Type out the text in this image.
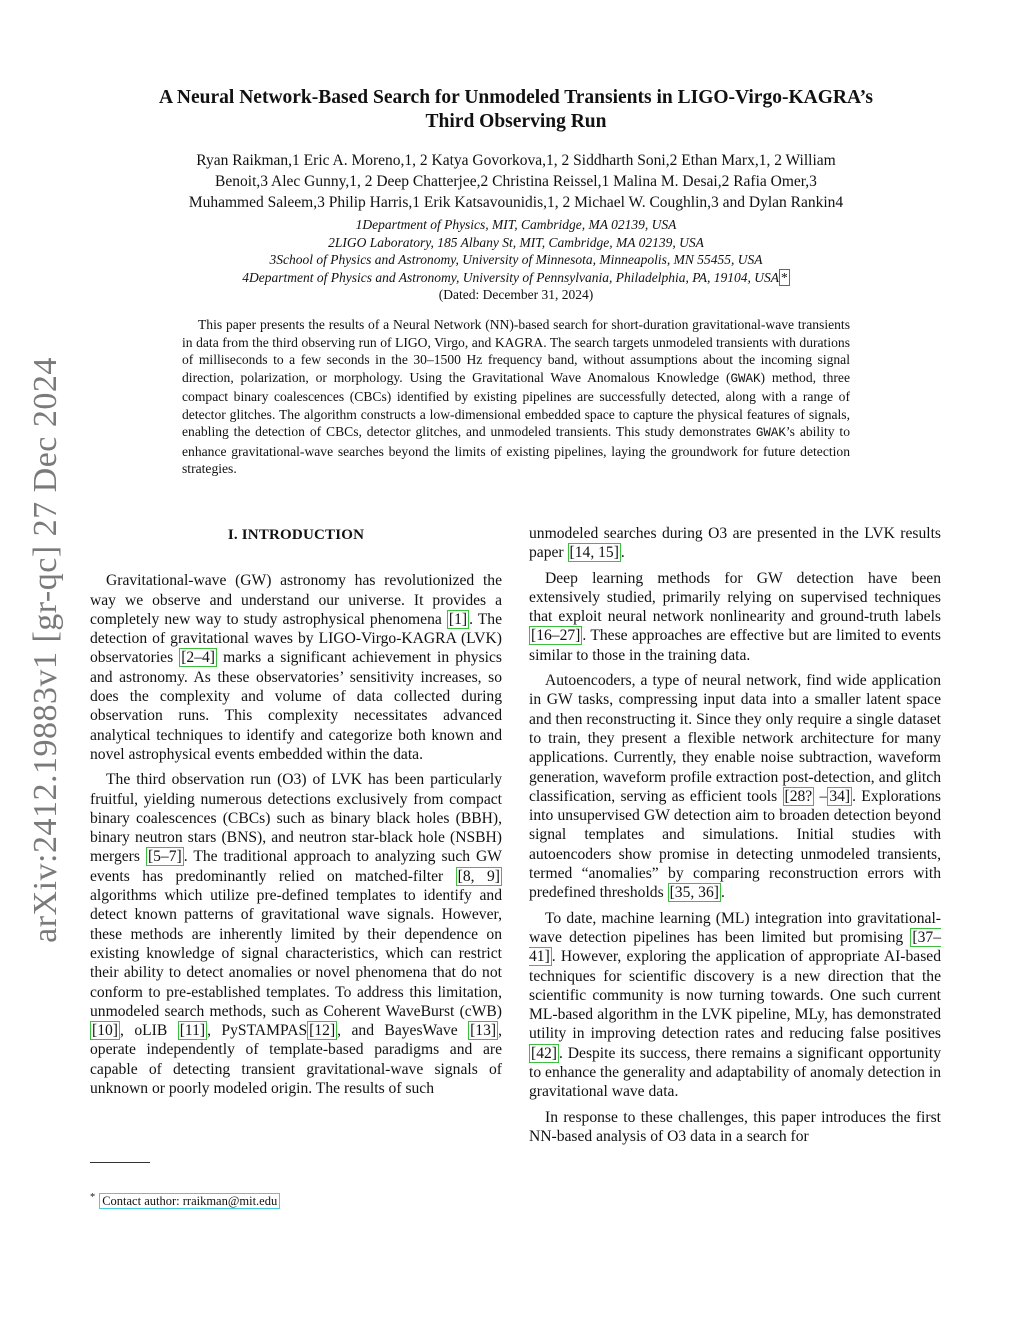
arXiv:2412.19883v1 [gr-qc] 27 Dec 2024
A Neural Network-Based Search for Unmodeled Transients in LIGO-Virgo-KAGRA’s
Third Observing Run
Ryan Raikman,1 Eric A. Moreno,1, 2 Katya Govorkova,1, 2 Siddharth Soni,2 Ethan Marx,1, 2 William
Benoit,3 Alec Gunny,1, 2 Deep Chatterjee,2 Christina Reissel,1 Malina M. Desai,2 Rafia Omer,3
Muhammed Saleem,3 Philip Harris,1 Erik Katsavounidis,1, 2 Michael W. Coughlin,3 and Dylan Rankin4
1Department of Physics, MIT, Cambridge, MA 02139, USA
2LIGO Laboratory, 185 Albany St, MIT, Cambridge, MA 02139, USA
3School of Physics and Astronomy, University of Minnesota, Minneapolis, MN 55455, USA
4Department of Physics and Astronomy, University of Pennsylvania, Philadelphia, PA, 19104, USA *
(Dated: December 31, 2024)
This paper presents the results of a Neural Network (NN)-based search for short-duration gravitational-wave transients in data from the third observing run of LIGO, Virgo, and KAGRA. The search targets unmodeled transients with durations of milliseconds to a few seconds in the 30–1500 Hz frequency band, without assumptions about the incoming signal direction, polarization, or morphology. Using the Gravitational Wave Anomalous Knowledge (GWAK) method, three compact binary coalescences (CBCs) identified by existing pipelines are successfully detected, along with a range of detector glitches. The algorithm constructs a low-dimensional embedded space to capture the physical features of signals, enabling the detection of CBCs, detector glitches, and unmodeled transients. This study demonstrates GWAK’s ability to enhance gravitational-wave searches beyond the limits of existing pipelines, laying the groundwork for future detection strategies.
I. INTRODUCTION

Gravitational-wave (GW) astronomy has revolutionized the way we observe and understand our universe. It provides a completely new way to study astrophysical phenomena [1] . The detection of gravitational waves by LIGO-Virgo-KAGRA (LVK) observatories [2–4] marks a significant achievement in physics and astronomy. As these observatories’ sensitivity increases, so does the complexity and volume of data collected during observation runs. This complexity necessitates advanced analytical techniques to identify and categorize both known and novel astrophysical events embedded within the data.

The third observation run (O3) of LVK has been particularly fruitful, yielding numerous detections exclusively from compact binary coalescences (CBCs) such as binary black holes (BBH), binary neutron stars (BNS), and neutron star-black hole (NSBH) mergers [5–7] . The traditional approach to analyzing such GW events has predominantly relied on matched-filter [8, 9] algorithms which utilize pre-defined templates to identify and detect known patterns of gravitational wave signals. However, these methods are inherently limited by their dependence on existing knowledge of signal characteristics, which can restrict their ability to detect anomalies or novel phenomena that do not conform to pre-established templates. To address this limitation, unmodeled search methods, such as Coherent WaveBurst (cWB)[10] , oLIB [11] , PySTAMPAS [12] , and BayesWave [13] , operate independently of template-based paradigms and are capable of detecting transient gravitational-wave signals of unknown or poorly modeled origin. The results of such

unmodeled searches during O3 are presented in the LVK results paper [14, 15] .

Deep learning methods for GW detection have been extensively studied, primarily relying on supervised techniques that exploit neural network nonlinearity and ground-truth labels [16–27] . These approaches are effective but are limited to events similar to those in the training data.

Autoencoders, a type of neural network, find wide application in GW tasks, compressing input data into a smaller latent space and then reconstructing it. Since they only require a single dataset to train, they present a flexible network architecture for many applications. Currently, they enable noise subtraction, waveform generation, waveform profile extraction post-detection, and glitch classification, serving as efficient tools [28? – 34] . Explorations into unsupervised GW detection aim to broaden detection beyond signal templates and simulations. Initial studies with autoencoders show promise in detecting unmodeled transients, termed “anomalies” by comparing reconstruction errors with predefined thresholds [35, 36] .

To date, machine learning (ML) integration into gravitational-wave detection pipelines has been limited but promising [37–41] . However, exploring the application of appropriate AI-based techniques for scientific discovery is a new direction that the scientific community is now turning towards. One such current ML-based algorithm in the LVK pipeline, MLy, has demonstrated utility in improving detection rates and reducing false positives [42] . Despite its success, there remains a significant opportunity to enhance the generality and adaptability of anomaly detection in gravitational wave data.

In response to these challenges, this paper introduces the first NN-based analysis of O3 data in a search for

* Contact author: rraikman@mit.edu
